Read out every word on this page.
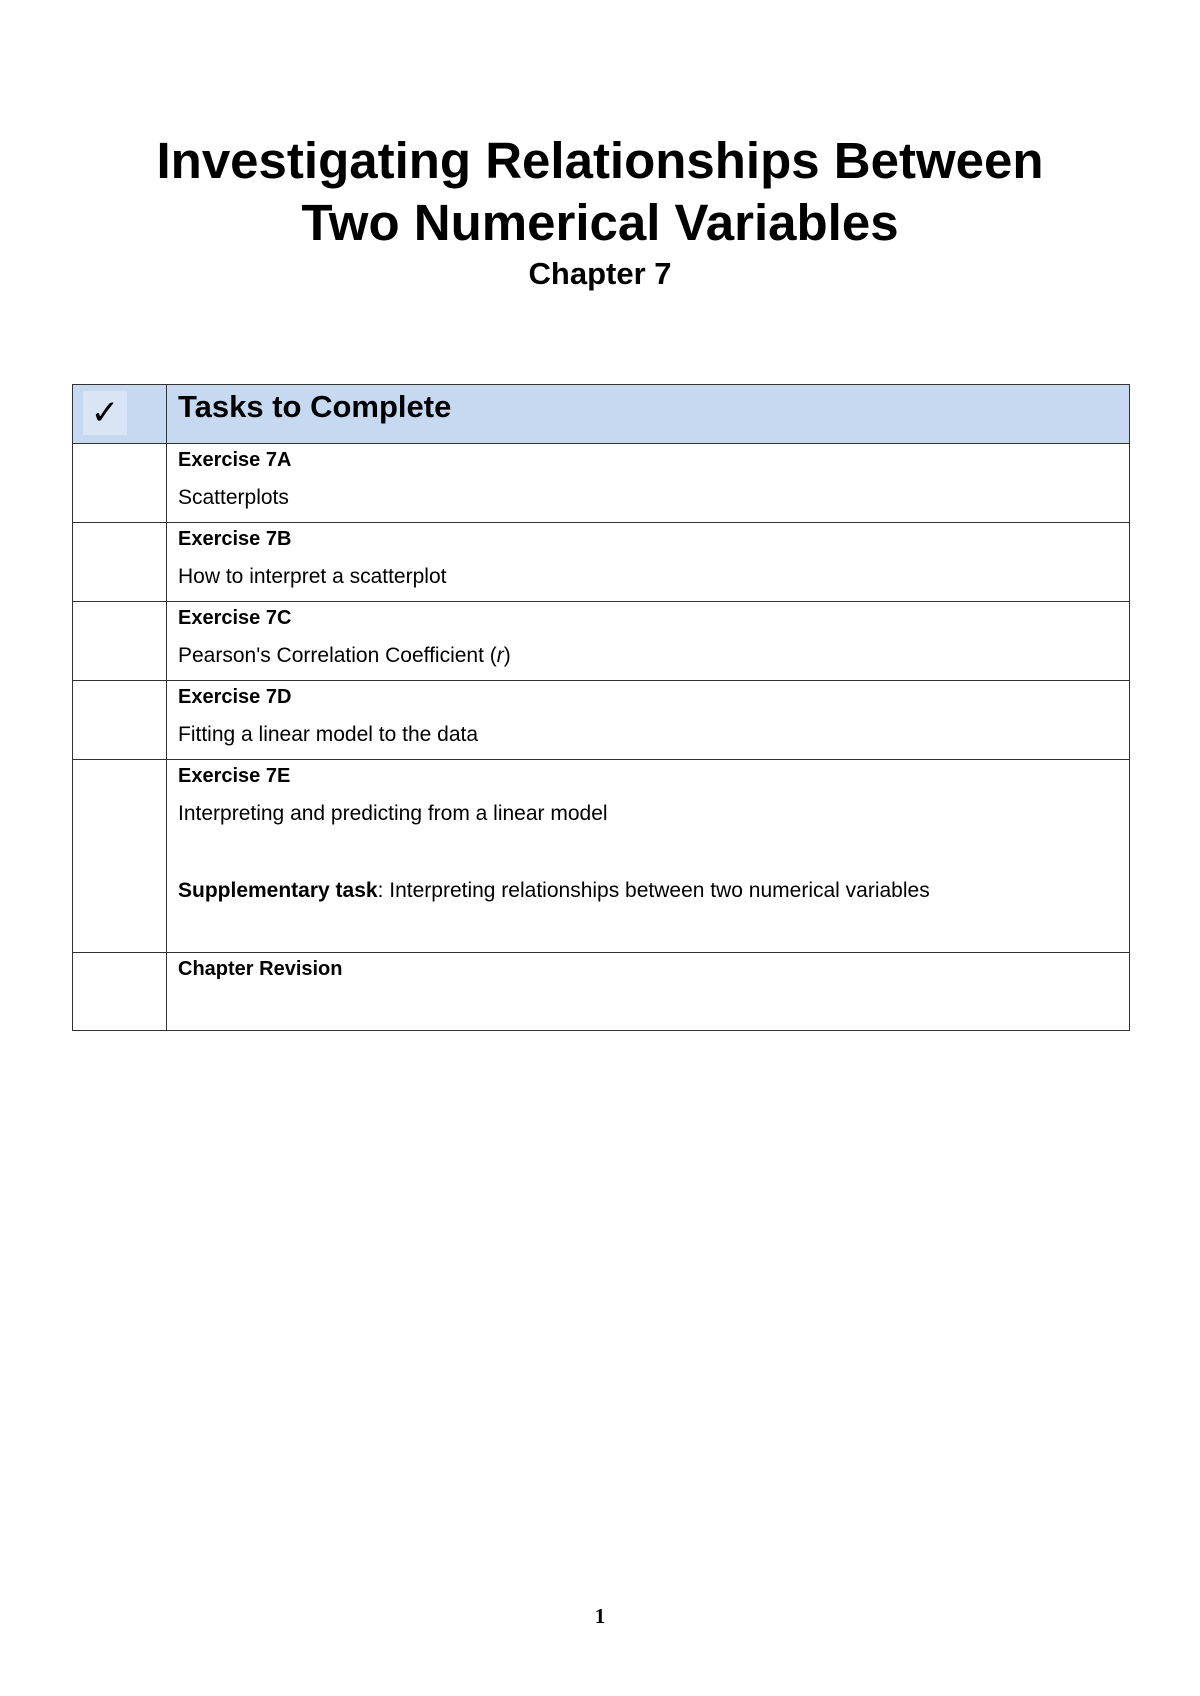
Investigating Relationships Between
Two Numerical Variables
Chapter 7
✓	Tasks to Complete

	Exercise 7A
Scatterplots

	Exercise 7B
How to interpret a scatterplot

	Exercise 7C
Pearson's Correlation Coefficient (r)

	Exercise 7D
Fitting a linear model to the data

	Exercise 7E
Interpreting and predicting from a linear model
Supplementary task: Interpreting relationships between two numerical variables

	Chapter Revision
1
